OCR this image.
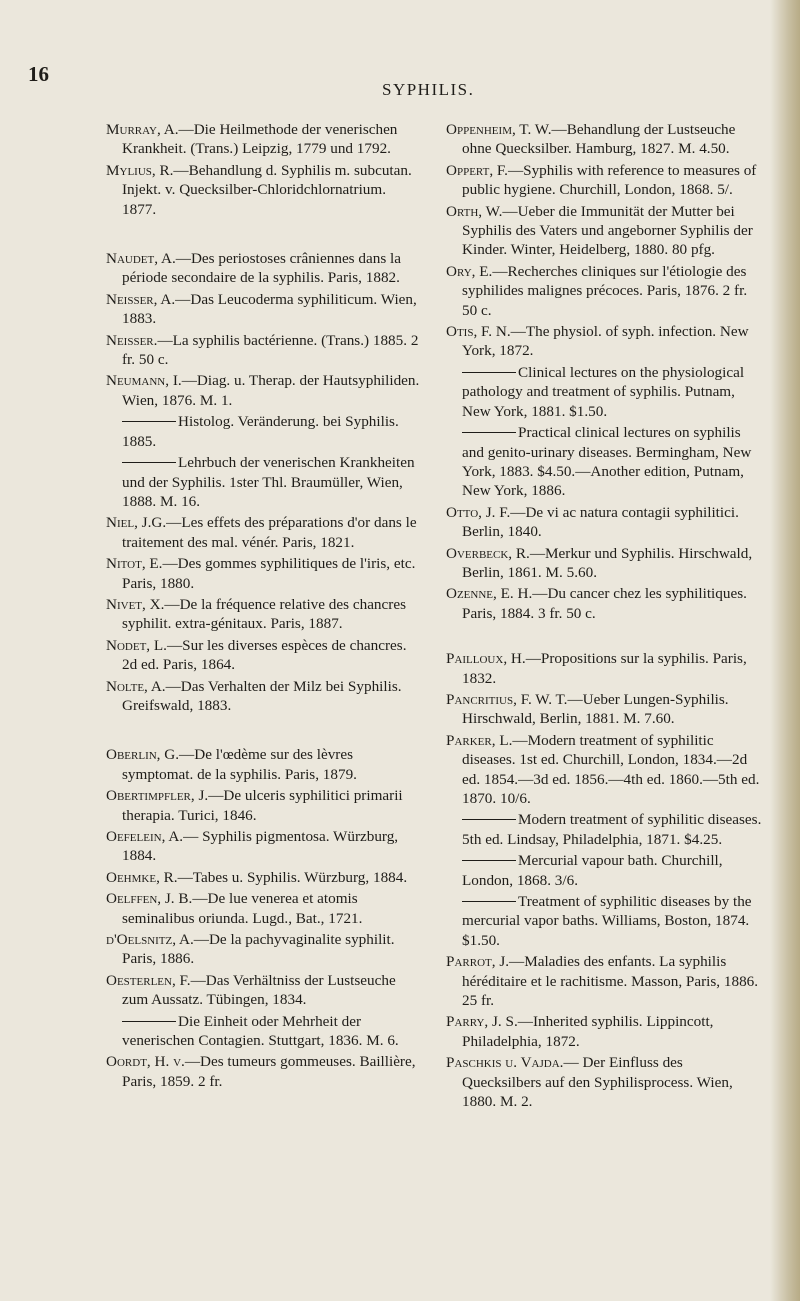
16
SYPHILIS.
Murray, A.—Die Heilmethode der venerischen Krankheit. (Trans.) Leipzig, 1779 und 1792.
Mylius, R.—Behandlung d. Syphilis m. subcutan. Injekt. v. Quecksilber-Chloridchlornatrium. 1877.
Naudet, A.—Des periostoses crâniennes dans la période secondaire de la syphilis. Paris, 1882.
Neisser, A.—Das Leucoderma syphiliticum. Wien, 1883.
Neisser.—La syphilis bactérienne. (Trans.) 1885. 2 fr. 50 c.
Neumann, I.—Diag. u. Therap. der Hautsyphiliden. Wien, 1876. M. 1.
Histolog. Veränderung. bei Syphilis. 1885.
Lehrbuch der venerischen Krankheiten und der Syphilis. 1ster Thl. Braumüller, Wien, 1888. M. 16.
Niel, J.G.—Les effets des préparations d'or dans le traitement des mal. vénér. Paris, 1821.
Nitot, E.—Des gommes syphilitiques de l'iris, etc. Paris, 1880.
Nivet, X.—De la fréquence relative des chancres syphilit. extra-génitaux. Paris, 1887.
Nodet, L.—Sur les diverses espèces de chancres. 2d ed. Paris, 1864.
Nolte, A.—Das Verhalten der Milz bei Syphilis. Greifswald, 1883.
Oberlin, G.—De l'œdème sur des lèvres symptomat. de la syphilis. Paris, 1879.
Obertimpfler, J.—De ulceris syphilitici primarii therapia. Turici, 1846.
Oefelein, A.— Syphilis pigmentosa. Würzburg, 1884.
Oehmke, R.—Tabes u. Syphilis. Würzburg, 1884.
Oelffen, J. B.—De lue venerea et atomis seminalibus oriunda. Lugd., Bat., 1721.
d'Oelsnitz, A.—De la pachyvaginalite syphilit. Paris, 1886.
Oesterlen, F.—Das Verhältniss der Lustseuche zum Aussatz. Tübingen, 1834.
Die Einheit oder Mehrheit der venerischen Contagien. Stuttgart, 1836. M. 6.
Oordt, H. v.—Des tumeurs gommeuses. Baillière, Paris, 1859. 2 fr.
Oppenheim, T. W.—Behandlung der Lustseuche ohne Quecksilber. Hamburg, 1827. M. 4.50.
Oppert, F.—Syphilis with reference to measures of public hygiene. Churchill, London, 1868. 5/.
Orth, W.—Ueber die Immunität der Mutter bei Syphilis des Vaters und angeborner Syphilis der Kinder. Winter, Heidelberg, 1880. 80 pfg.
Ory, E.—Recherches cliniques sur l'étiologie des syphilides malignes précoces. Paris, 1876. 2 fr. 50 c.
Otis, F. N.—The physiol. of syph. infection. New York, 1872.
Clinical lectures on the physiological pathology and treatment of syphilis. Putnam, New York, 1881. $1.50.
Practical clinical lectures on syphilis and genito-urinary diseases. Bermingham, New York, 1883. $4.50.—Another edition, Putnam, New York, 1886.
Otto, J. F.—De vi ac natura contagii syphilitici. Berlin, 1840.
Overbeck, R.—Merkur und Syphilis. Hirschwald, Berlin, 1861. M. 5.60.
Ozenne, E. H.—Du cancer chez les syphilitiques. Paris, 1884. 3 fr. 50 c.
Pailloux, H.—Propositions sur la syphilis. Paris, 1832.
Pancritius, F. W. T.—Ueber Lungen-Syphilis. Hirschwald, Berlin, 1881. M. 7.60.
Parker, L.—Modern treatment of syphilitic diseases. 1st ed. Churchill, London, 1834.—2d ed. 1854.—3d ed. 1856.—4th ed. 1860.—5th ed. 1870. 10/6.
Modern treatment of syphilitic diseases. 5th ed. Lindsay, Philadelphia, 1871. $4.25.
Mercurial vapour bath. Churchill, London, 1868. 3/6.
Treatment of syphilitic diseases by the mercurial vapor baths. Williams, Boston, 1874. $1.50.
Parrot, J.—Maladies des enfants. La syphilis héréditaire et le rachitisme. Masson, Paris, 1886. 25 fr.
Parry, J. S.—Inherited syphilis. Lippincott, Philadelphia, 1872.
Paschkis u. Vajda.— Der Einfluss des Quecksilbers auf den Syphilisprocess. Wien, 1880. M. 2.
